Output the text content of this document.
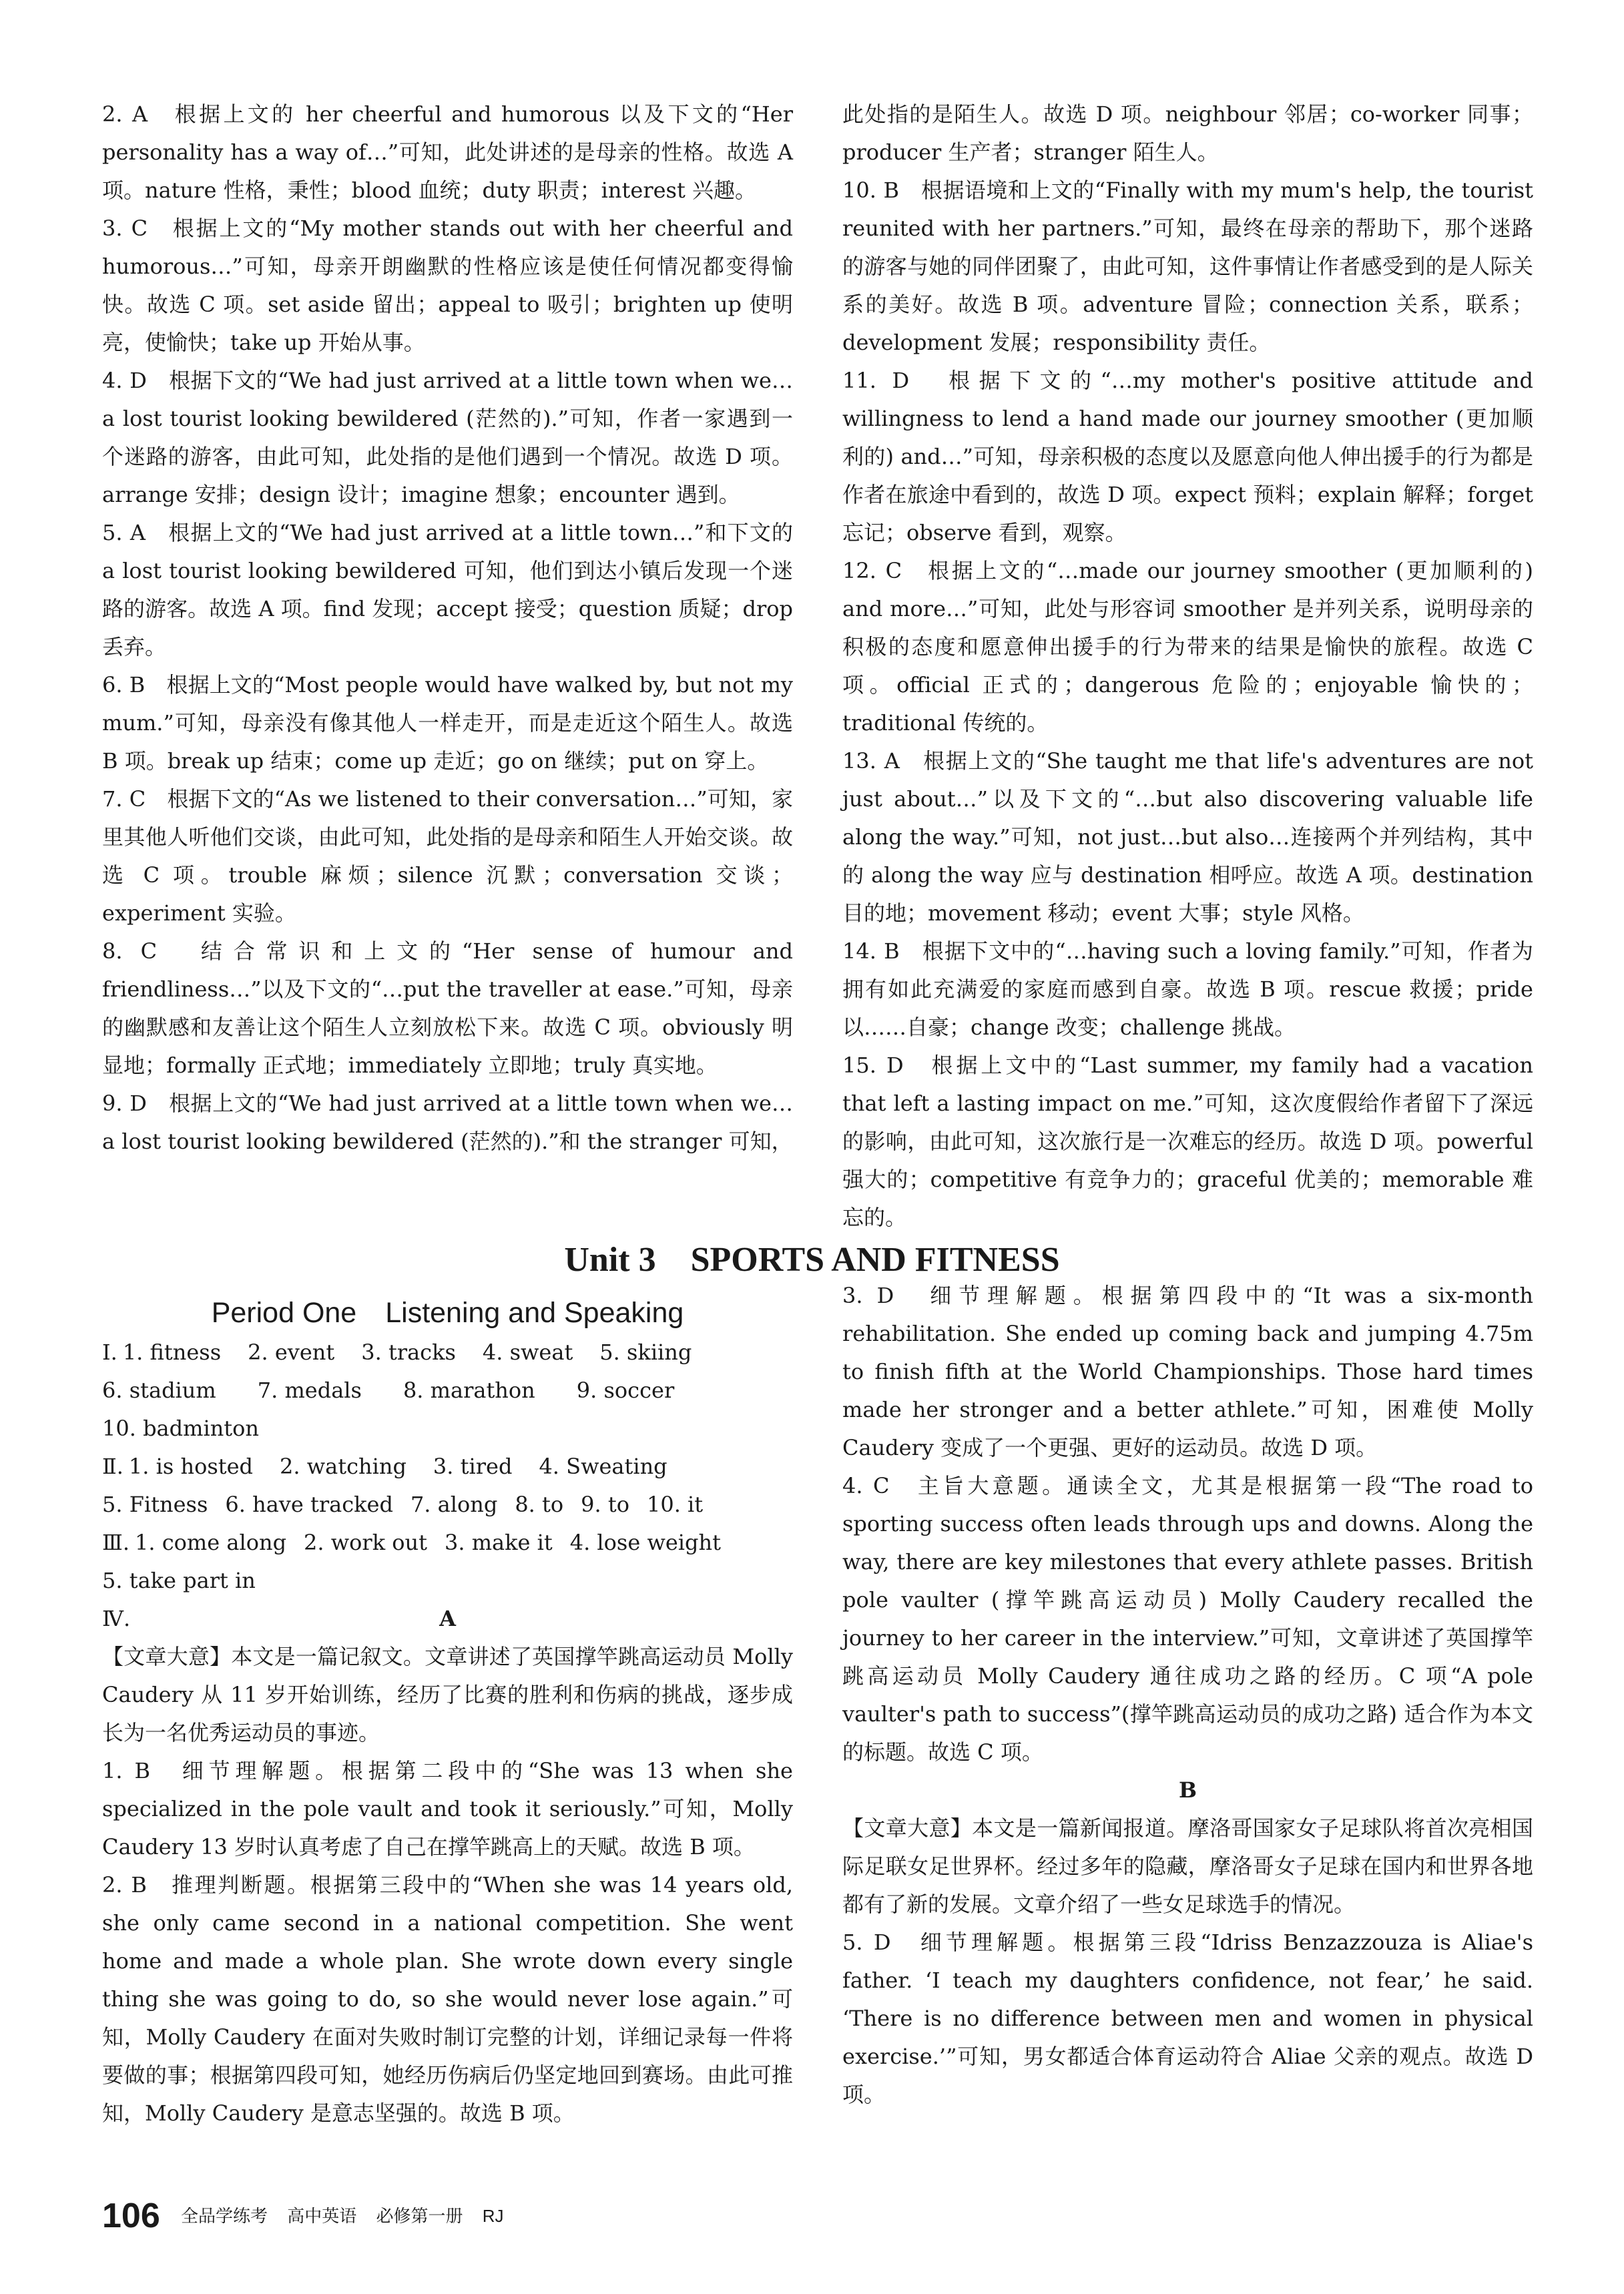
2. A　根据上文的 her cheerful and humorous 以及下文的“Her personality has a way of…”可知，此处讲述的是母亲的性格。故选 A 项。nature 性格，秉性；blood 血统；duty 职责；interest 兴趣。

3. C　根据上文的“My mother stands out with her cheerful and humorous…”可知，母亲开朗幽默的性格应该是使任何情况都变得愉快。故选 C 项。set aside 留出；appeal to 吸引；brighten up 使明亮，使愉快；take up 开始从事。

4. D　根据下文的“We had just arrived at a little town when we…a lost tourist looking bewildered (茫然的).”可知，作者一家遇到一个迷路的游客，由此可知，此处指的是他们遇到一个情况。故选 D 项。arrange 安排；design 设计；imagine 想象；encounter 遇到。

5. A　根据上文的“We had just arrived at a little town…”和下文的 a lost tourist looking bewildered 可知，他们到达小镇后发现一个迷路的游客。故选 A 项。find 发现；accept 接受；question 质疑；drop 丢弃。

6. B　根据上文的“Most people would have walked by, but not my mum.”可知，母亲没有像其他人一样走开，而是走近这个陌生人。故选 B 项。break up 结束；come up 走近；go on 继续；put on 穿上。

7. C　根据下文的“As we listened to their conversation…”可知，家里其他人听他们交谈，由此可知，此处指的是母亲和陌生人开始交谈。故选 C 项。trouble 麻烦；silence 沉默；conversation 交谈；experiment 实验。

8. C　结合常识和上文的“Her sense of humour and friendliness…”以及下文的“…put the traveller at ease.”可知，母亲的幽默感和友善让这个陌生人立刻放松下来。故选 C 项。obviously 明显地；formally 正式地；immediately 立即地；truly 真实地。

9. D　根据上文的“We had just arrived at a little town when we…a lost tourist looking bewildered (茫然的).”和 the stranger 可知，

此处指的是陌生人。故选 D 项。neighbour 邻居；co-worker 同事；producer 生产者；stranger 陌生人。

10. B　根据语境和上文的“Finally with my mum's help, the tourist reunited with her partners.”可知，最终在母亲的帮助下，那个迷路的游客与她的同伴团聚了，由此可知，这件事情让作者感受到的是人际关系的美好。故选 B 项。adventure 冒险；connection 关系，联系；development 发展；responsibility 责任。

11. D　根据下文的“…my mother's positive attitude and willingness to lend a hand made our journey smoother (更加顺利的) and…”可知，母亲积极的态度以及愿意向他人伸出援手的行为都是作者在旅途中看到的，故选 D 项。expect 预料；explain 解释；forget 忘记；observe 看到，观察。

12. C　根据上文的“…made our journey smoother (更加顺利的) and more…”可知，此处与形容词 smoother 是并列关系，说明母亲的积极的态度和愿意伸出援手的行为带来的结果是愉快的旅程。故选 C 项。official 正式的；dangerous 危险的；enjoyable 愉快的；traditional 传统的。

13. A　根据上文的“She taught me that life's adventures are not just about…”以及下文的“…but also discovering valuable life along the way.”可知，not just…but also…连接两个并列结构，其中的 along the way 应与 destination 相呼应。故选 A 项。destination 目的地；movement 移动；event 大事；style 风格。

14. B　根据下文中的“…having such a loving family.”可知，作者为拥有如此充满爱的家庭而感到自豪。故选 B 项。rescue 救援；pride 以……自豪；change 改变；challenge 挑战。

15. D　根据上文中的“Last summer, my family had a vacation that left a lasting impact on me.”可知，这次度假给作者留下了深远的影响，由此可知，这次旅行是一次难忘的经历。故选 D 项。powerful 强大的；competitive 有竞争力的；graceful 优美的；memorable 难忘的。

Unit 3　SPORTS AND FITNESS
Period One　Listening and Speaking

Ⅰ. 1. fitness 2. event 3. tracks 4. sweat 5. skiing

6. stadium 7. medals 8. marathon 9. soccer

10. badminton

Ⅱ. 1. is hosted 2. watching 3. tired 4. Sweating

5. Fitness 6. have tracked 7. along 8. to 9. to 10. it

Ⅲ. 1. come along 2. work out 3. make it 4. lose weight

5. take part in

Ⅳ.	A

【文章大意】本文是一篇记叙文。文章讲述了英国撑竿跳高运动员 Molly Caudery 从 11 岁开始训练，经历了比赛的胜利和伤病的挑战，逐步成长为一名优秀运动员的事迹。

1. B　细节理解题。根据第二段中的“She was 13 when she specialized in the pole vault and took it seriously.”可知，Molly Caudery 13 岁时认真考虑了自己在撑竿跳高上的天赋。故选 B 项。

2. B　推理判断题。根据第三段中的“When she was 14 years old, she only came second in a national competition. She went home and made a whole plan. She wrote down every single thing she was going to do, so she would never lose again.”可知，Molly Caudery 在面对失败时制订完整的计划，详细记录每一件将要做的事；根据第四段可知，她经历伤病后仍坚定地回到赛场。由此可推知，Molly Caudery 是意志坚强的。故选 B 项。

3. D　细节理解题。根据第四段中的“It was a six-month rehabilitation. She ended up coming back and jumping 4.75m to finish fifth at the World Championships. Those hard times made her stronger and a better athlete.”可知，困难使 Molly Caudery 变成了一个更强、更好的运动员。故选 D 项。

4. C　主旨大意题。通读全文，尤其是根据第一段“The road to sporting success often leads through ups and downs. Along the way, there are key milestones that every athlete passes. British pole vaulter (撑竿跳高运动员) Molly Caudery recalled the journey to her career in the interview.”可知，文章讲述了英国撑竿跳高运动员 Molly Caudery 通往成功之路的经历。C 项“A pole vaulter's path to success”(撑竿跳高运动员的成功之路) 适合作为本文的标题。故选 C 项。

B

【文章大意】本文是一篇新闻报道。摩洛哥国家女子足球队将首次亮相国际足联女足世界杯。经过多年的隐藏，摩洛哥女子足球在国内和世界各地都有了新的发展。文章介绍了一些女足球选手的情况。

5. D　细节理解题。根据第三段“Idriss Benzazzouza is Aliae's father. ‘I teach my daughters confidence, not fear,’ he said. ‘There is no difference between men and women in physical exercise.’”可知，男女都适合体育运动符合 Aliae 父亲的观点。故选 D 项。

106 全品学练考 高中英语 必修第一册 RJ
